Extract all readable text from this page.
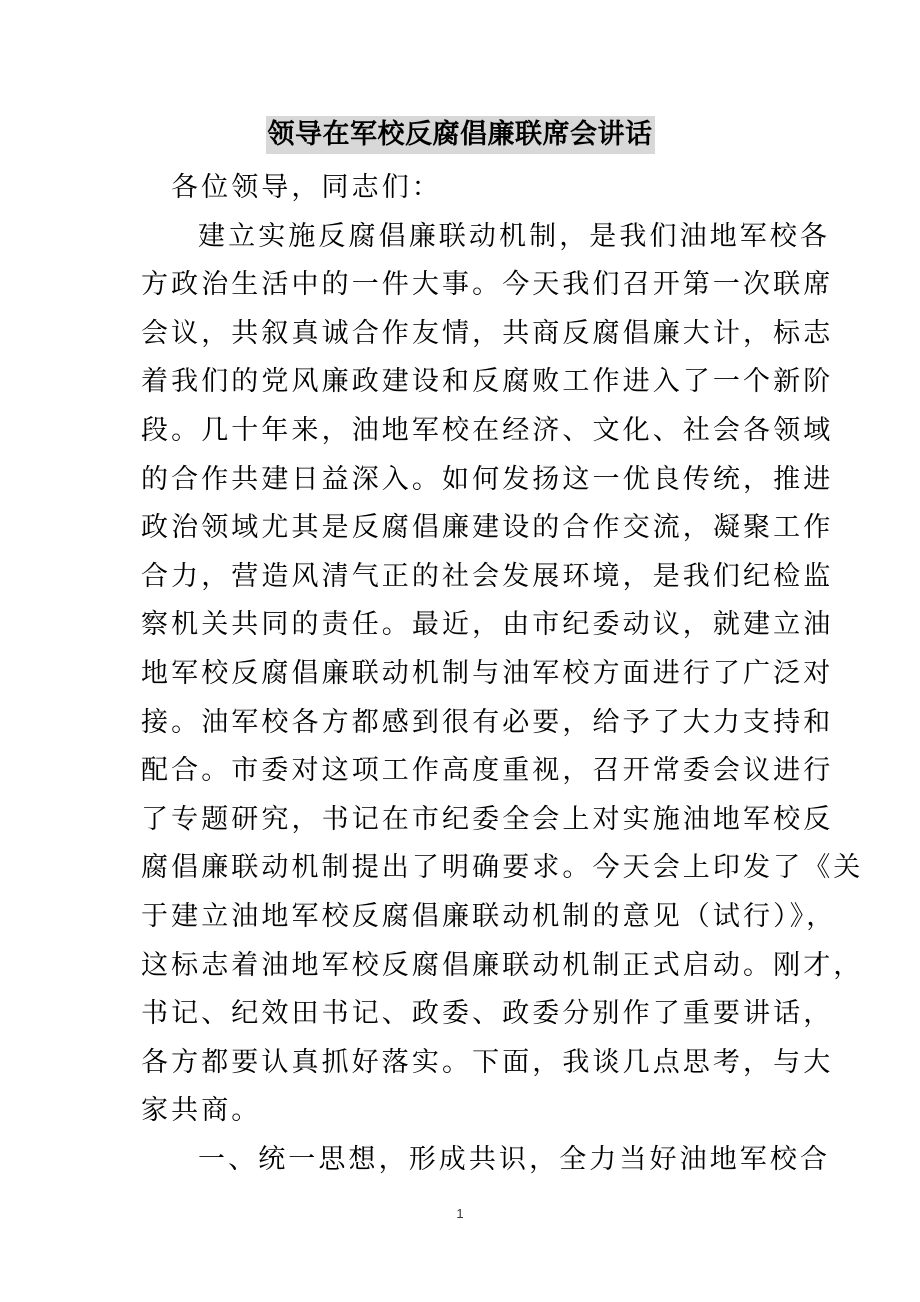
领导在军校反腐倡廉联席会讲话
各位领导，同志们：
建立实施反腐倡廉联动机制，是我们油地军校各
方政治生活中的一件大事。今天我们召开第一次联席
会议，共叙真诚合作友情，共商反腐倡廉大计，标志
着我们的党风廉政建设和反腐败工作进入了一个新阶
段。几十年来，油地军校在经济、文化、社会各领域
的合作共建日益深入。如何发扬这一优良传统，推进
政治领域尤其是反腐倡廉建设的合作交流，凝聚工作
合力，营造风清气正的社会发展环境，是我们纪检监
察机关共同的责任。最近，由市纪委动议，就建立油
地军校反腐倡廉联动机制与油军校方面进行了广泛对
接。油军校各方都感到很有必要，给予了大力支持和
配合。市委对这项工作高度重视，召开常委会议进行
了专题研究，书记在市纪委全会上对实施油地军校反
腐倡廉联动机制提出了明确要求。今天会上印发了《关
于建立油地军校反腐倡廉联动机制的意见（试行）》，
这标志着油地军校反腐倡廉联动机制正式启动。刚才，
书记、纪效田书记、政委、政委分别作了重要讲话，
各方都要认真抓好落实。下面，我谈几点思考，与大
家共商。
一、统一思想，形成共识，全力当好油地军校合
1
